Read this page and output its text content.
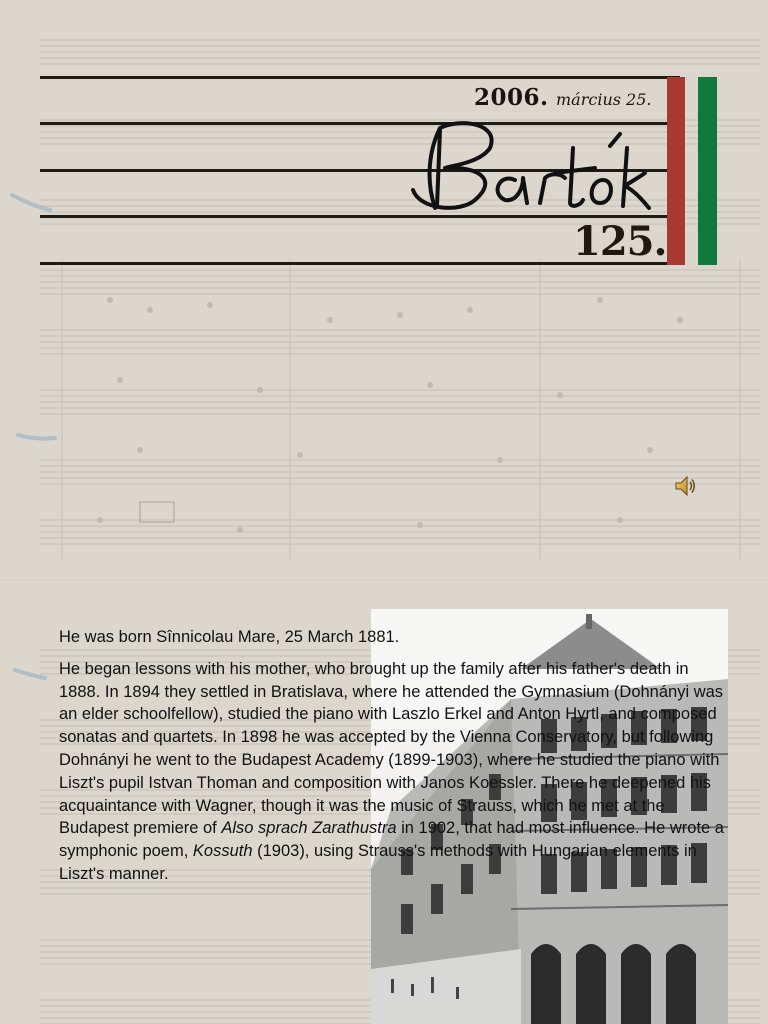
2006. március 25.
125.

He was born Sînnicolau Mare, 25 March 1881.

He began lessons with his mother, who brought up the family after his father's death in 1888. In 1894 they settled in Bratislava, where he attended the Gymnasium (Dohnányi was an elder schoolfellow), studied the piano with Laszlo Erkel and Anton Hyrtl, and composed sonatas and quartets. In 1898 he was accepted by the Vienna Conservatory, but following Dohnányi he went to the Budapest Academy (1899-1903), where he studied the piano with Liszt's pupil Istvan Thoman and composition with Janos Koessler. There he deepened his acquaintance with Wagner, though it was the music of Strauss, which he met at the Budapest premiere of Also sprach Zarathustra in 1902, that had most influence. He wrote a symphonic poem, Kossuth (1903), using Strauss's methods with Hungarian elements in Liszt's manner.
